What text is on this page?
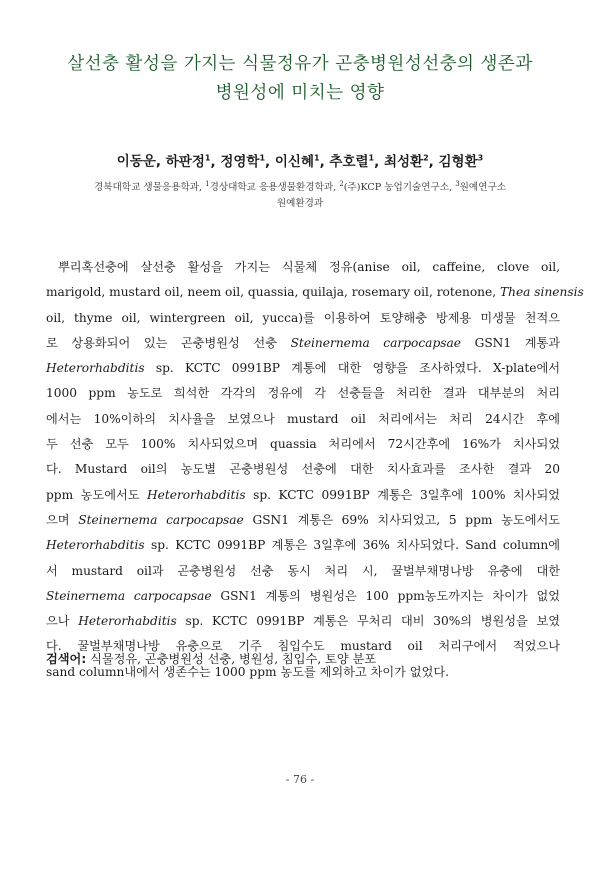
살선충 활성을 가지는 식물정유가 곤충병원성선충의 생존과
병원성에 미치는 영향
이동운, 하판정$^1$, 정영학$^1$, 이신혜$^1$, 추호렬$^1$, 최성환$^2$, 김형환$^3$
경북대학교 생물응용학과, $^1$경상대학교 응용생물환경학과, $^2$(주)KCP 농업기술연구소, $^3$원예연구소
원예환경과
뿌리혹선충에 살선충 활성을 가지는 식물체 정유(anise oil, caffeine, clove oil,
marigold, mustard oil, neem oil, quassia, quilaja, rosemary oil, rotenone, Thea sinensis
oil, thyme oil, wintergreen oil, yucca)를 이용하여 토양해충 방제용 미생물 천적으
로 상용화되어 있는 곤충병원성 선충 Steinernema carpocapsae GSN1 계통과
Heterorhabditis sp. KCTC 0991BP 계통에 대한 영향을 조사하였다. X-plate에서
1000 ppm 농도로 희석한 각각의 정유에 각 선충들을 처리한 결과 대부분의 처리
에서는 10%이하의 치사율을 보였으나 mustard oil 처리에서는 처리 24시간 후에
두 선충 모두 100% 치사되었으며 quassia 처리에서 72시간후에 16%가 치사되었
다. Mustard oil의 농도별 곤충병원성 선충에 대한 치사효과를 조사한 결과 20
ppm 농도에서도 Heterorhabditis sp. KCTC 0991BP 계통은 3일후에 100% 치사되었
으며 Steinernema carpocapsae GSN1 계통은 69% 치사되었고, 5 ppm 농도에서도
Heterorhabditis sp. KCTC 0991BP 계통은 3일후에 36% 치사되었다. Sand column에
서 mustard oil과 곤충병원성 선충 동시 처리 시, 꿀벌부채명나방 유충에 대한
Steinernema carpocapsae GSN1 계통의 병원성은 100 ppm농도까지는 차이가 없었
으나 Heterorhabditis sp. KCTC 0991BP 계통은 무처리 대비 30%의 병원성을 보였
다. 꿀벌부채명나방 유충으로 기주 침입수도 mustard oil 처리구에서 적었으나
sand column내에서 생존수는 1000 ppm 농도를 제외하고 차이가 없었다.
검색어: 식물정유, 곤충병원성 선충, 병원성, 침입수, 토양 분포
- 76 -
